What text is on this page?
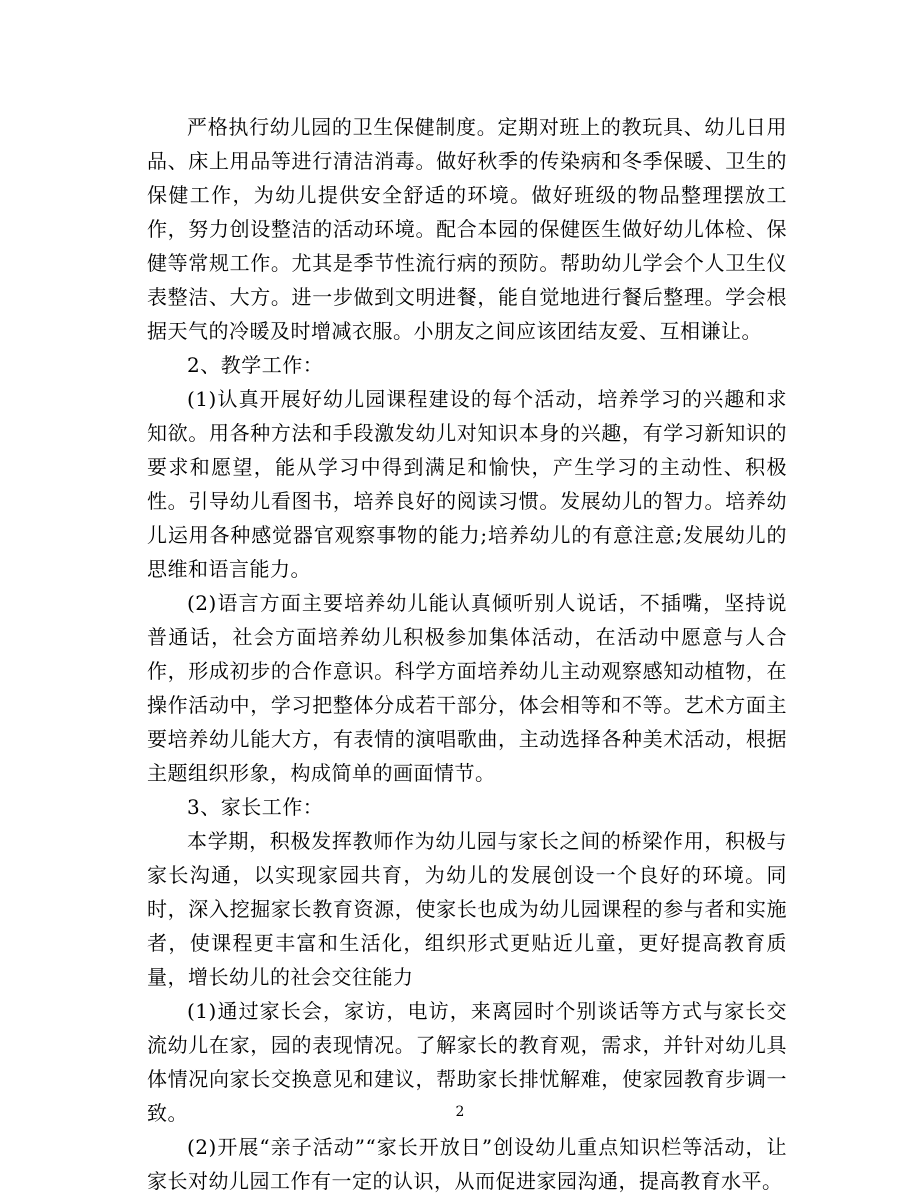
严格执行幼儿园的卫生保健制度。定期对班上的教玩具、幼儿日用品、床上用品等进行清洁消毒。做好秋季的传染病和冬季保暖、卫生的保健工作，为幼儿提供安全舒适的环境。做好班级的物品整理摆放工作，努力创设整洁的活动环境。配合本园的保健医生做好幼儿体检、保健等常规工作。尤其是季节性流行病的预防。帮助幼儿学会个人卫生仪表整洁、大方。进一步做到文明进餐，能自觉地进行餐后整理。学会根据天气的冷暖及时增减衣服。小朋友之间应该团结友爱、互相谦让。

2、教学工作：

(1)认真开展好幼儿园课程建设的每个活动，培养学习的兴趣和求知欲。用各种方法和手段激发幼儿对知识本身的兴趣，有学习新知识的要求和愿望，能从学习中得到满足和愉快，产生学习的主动性、积极性。引导幼儿看图书，培养良好的阅读习惯。发展幼儿的智力。培养幼儿运用各种感觉器官观察事物的能力;培养幼儿的有意注意;发展幼儿的思维和语言能力。

(2)语言方面主要培养幼儿能认真倾听别人说话，不插嘴，坚持说普通话，社会方面培养幼儿积极参加集体活动，在活动中愿意与人合作，形成初步的合作意识。科学方面培养幼儿主动观察感知动植物，在操作活动中，学习把整体分成若干部分，体会相等和不等。艺术方面主要培养幼儿能大方，有表情的演唱歌曲，主动选择各种美术活动，根据主题组织形象，构成简单的画面情节。

3、家长工作：

本学期，积极发挥教师作为幼儿园与家长之间的桥梁作用，积极与家长沟通，以实现家园共育，为幼儿的发展创设一个良好的环境。同时，深入挖掘家长教育资源，使家长也成为幼儿园课程的参与者和实施者，使课程更丰富和生活化，组织形式更贴近儿童，更好提高教育质量，增长幼儿的社会交往能力

(1)通过家长会，家访，电访，来离园时个别谈话等方式与家长交流幼儿在家，园的表现情况。了解家长的教育观，需求，并针对幼儿具体情况向家长交换意见和建议，帮助家长排忧解难，使家园教育步调一致。

(2)开展“亲子活动”“家长开放日”创设幼儿重点知识栏等活动，让家长对幼儿园工作有一定的认识，从而促进家园沟通，提高教育水平。

2
